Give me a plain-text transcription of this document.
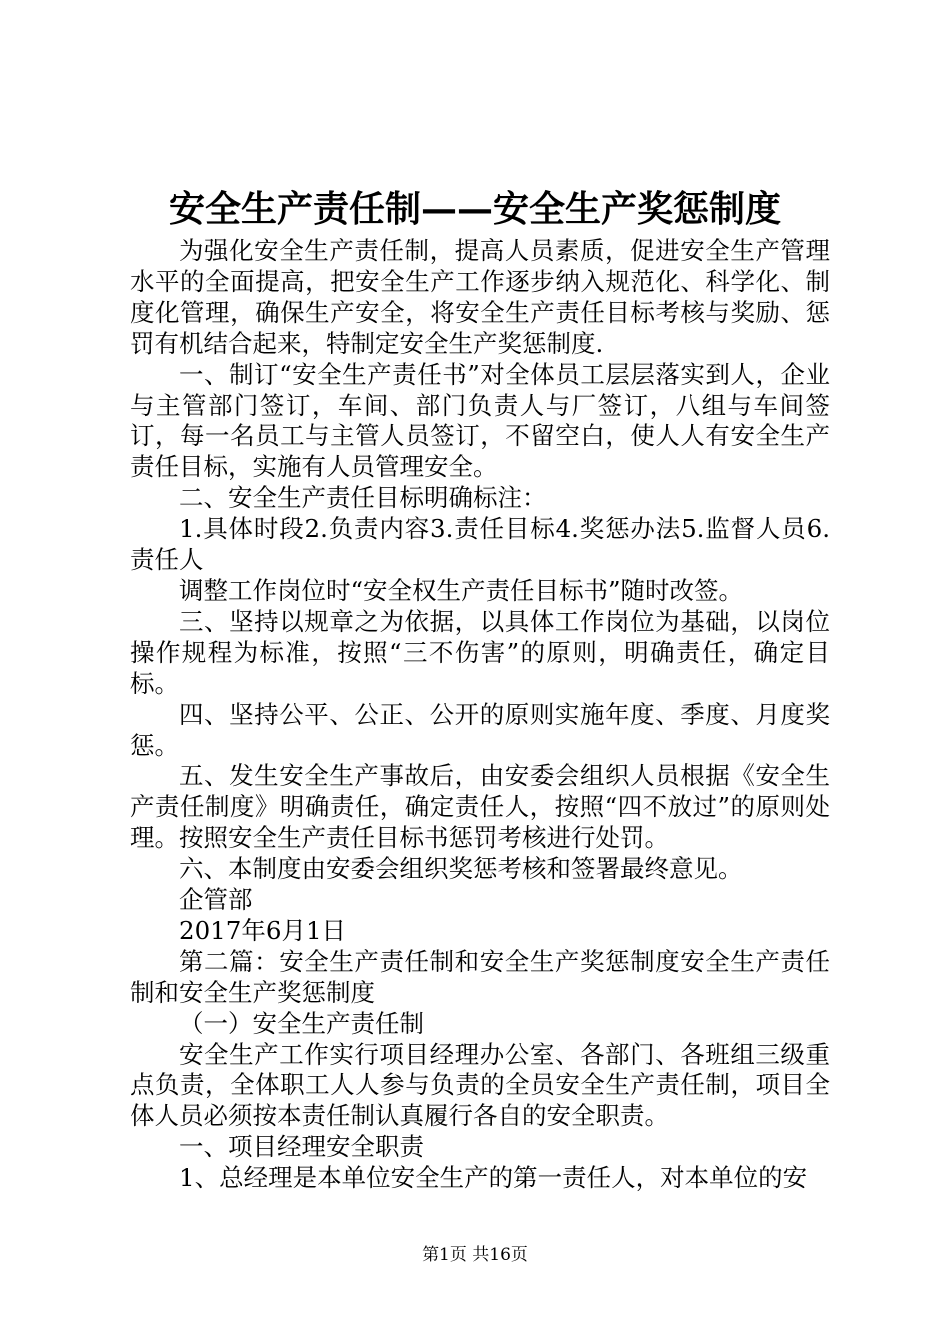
安全生产责任制——安全生产奖惩制度

为强化安全生产责任制，提高人员素质，促进安全生产管理水平的全面提高，把安全生产工作逐步纳入规范化、科学化、制度化管理，确保生产安全，将安全生产责任目标考核与奖励、惩罚有机结合起来，特制定安全生产奖惩制度.

一、制订“安全生产责任书”对全体员工层层落实到人，企业与主管部门签订，车间、部门负责人与厂签订，八组与车间签订，每一名员工与主管人员签订，不留空白，使人人有安全生产责任目标，实施有人员管理安全。

二、安全生产责任目标明确标注：

1.具体时段2.负责内容3.责任目标4.奖惩办法5.监督人员6.责任人

调整工作岗位时“安全权生产责任目标书”随时改签。

三、坚持以规章之为依据，以具体工作岗位为基础，以岗位操作规程为标准，按照“三不伤害”的原则，明确责任，确定目标。

四、坚持公平、公正、公开的原则实施年度、季度、月度奖惩。

五、发生安全生产事故后，由安委会组织人员根据《安全生产责任制度》明确责任，确定责任人，按照“四不放过”的原则处理。按照安全生产责任目标书惩罚考核进行处罚。

六、本制度由安委会组织奖惩考核和签署最终意见。

企管部

2017年6月1日

第二篇：安全生产责任制和安全生产奖惩制度安全生产责任制和安全生产奖惩制度

（一）安全生产责任制

安全生产工作实行项目经理办公室、各部门、各班组三级重点负责，全体职工人人参与负责的全员安全生产责任制，项目全体人员必须按本责任制认真履行各自的安全职责。

一、项目经理安全职责

1、总经理是本单位安全生产的第一责任人，对本单位的安

第1页 共16页
